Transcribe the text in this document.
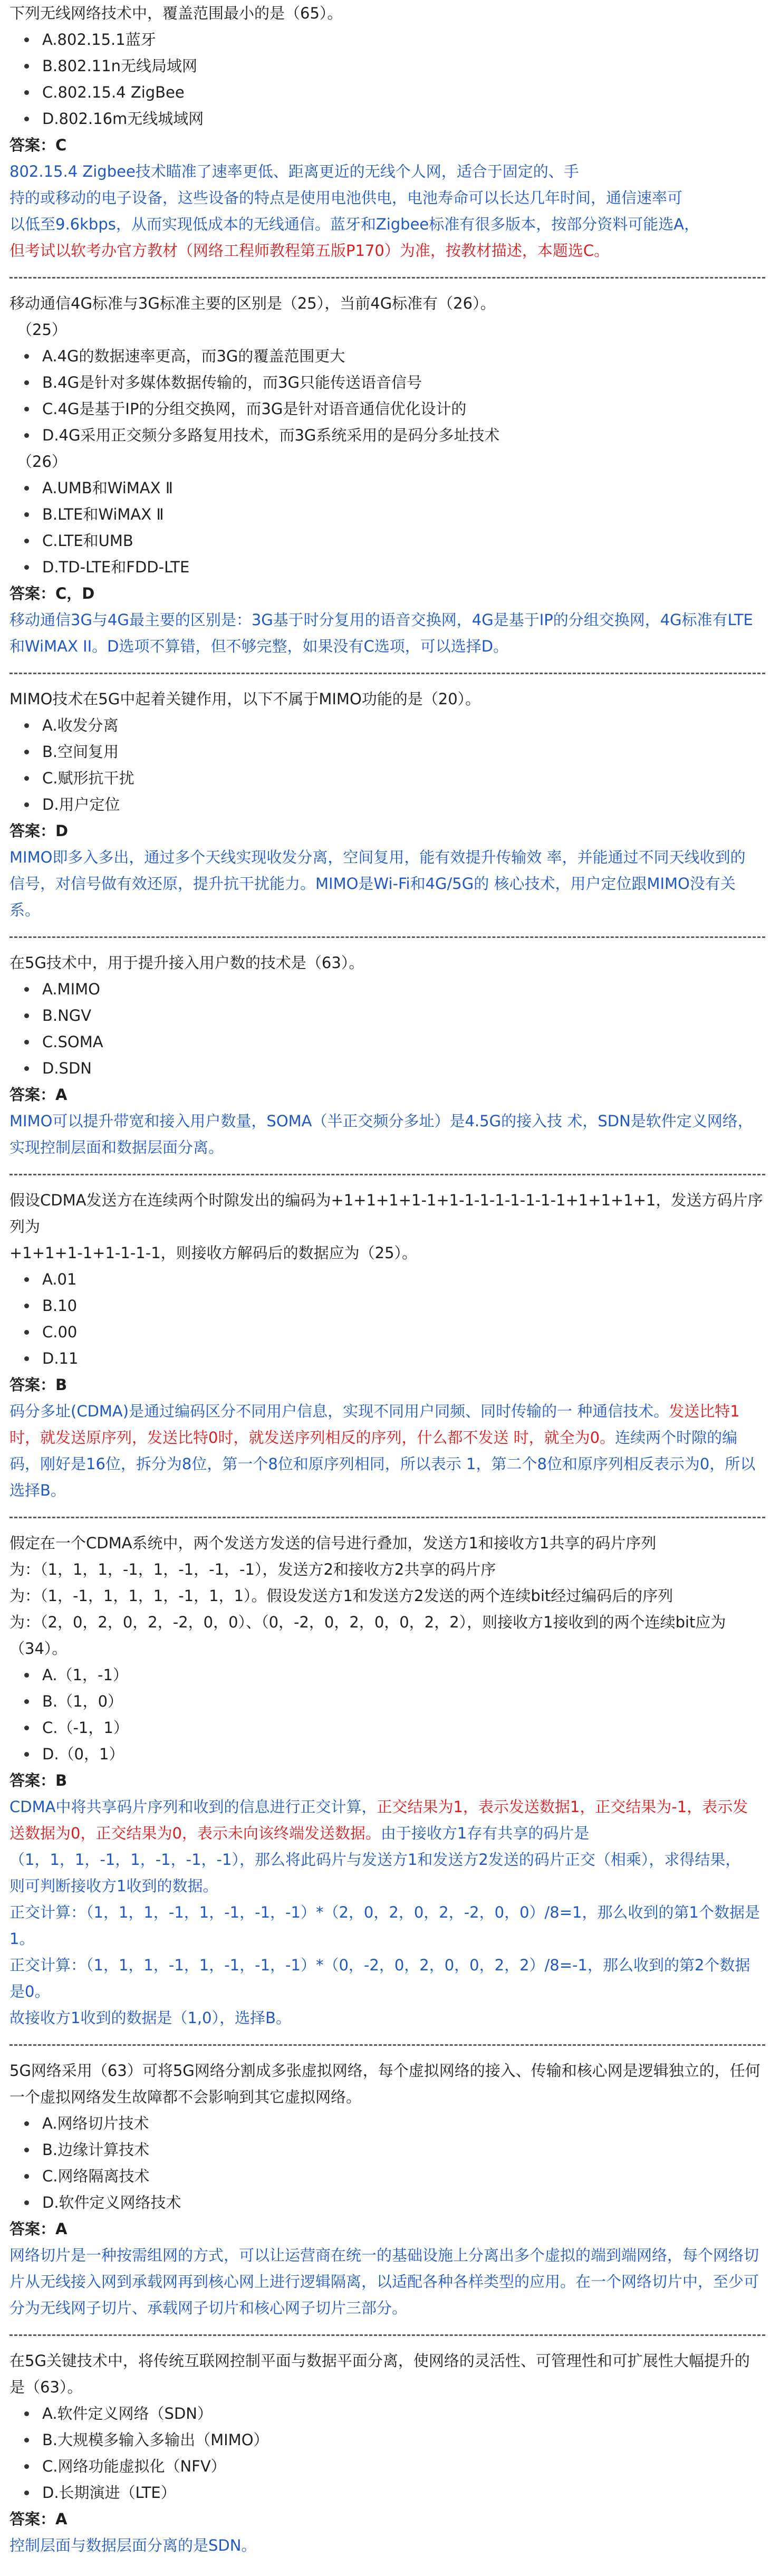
下列无线网络技术中，覆盖范围最小的是（65）。

A.802.15.1蓝牙
B.802.11n无线局域网
C.802.15.4 ZigBee
D.802.16m无线城域网

答案：C

802.15.4 Zigbee技术瞄准了速率更低、距离更近的无线个人网，适合于固定的、手
持的或移动的电子设备，这些设备的特点是使用电池供电，电池寿命可以长达几年时间，通信速率可
以低至9.6kbps，从而实现低成本的无线通信。蓝牙和Zigbee标准有很多版本，按部分资料可能选A，
但考试以软考办官方教材（网络工程师教程第五版P170）为准，按教材描述，本题选C。

移动通信4G标准与3G标准主要的区别是（25），当前4G标准有（26）。

（25）

A.4G的数据速率更高，而3G的覆盖范围更大
B.4G是针对多媒体数据传输的，而3G只能传送语音信号
C.4G是基于IP的分组交换网，而3G是针对语音通信优化设计的
D.4G采用正交频分多路复用技术，而3G系统采用的是码分多址技术

（26）

A.UMB和WiMAX Ⅱ
B.LTE和WiMAX Ⅱ
C.LTE和UMB
D.TD-LTE和FDD-LTE

答案：C，D

移动通信3G与4G最主要的区别是：3G基于时分复用的语音交换网，4G是基于IP的分组交换网，4G标准有LTE
和WiMAX II。D选项不算错，但不够完整，如果没有C选项，可以选择D。

MIMO技术在5G中起着关键作用，以下不属于MIMO功能的是（20）。

A.收发分离
B.空间复用
C.赋形抗干扰
D.用户定位

答案：D

MIMO即多入多出，通过多个天线实现收发分离，空间复用，能有效提升传输效 率，并能通过不同天线收到的
信号，对信号做有效还原，提升抗干扰能力。MIMO是Wi-Fi和4G/5G的 核心技术，用户定位跟MIMO没有关
系。

在5G技术中，用于提升接入用户数的技术是（63）。

A.MIMO
B.NGV
C.SOMA
D.SDN

答案：A

MIMO可以提升带宽和接入用户数量，SOMA（半正交频分多址）是4.5G的接入技 术，SDN是软件定义网络，
实现控制层面和数据层面分离。

假设CDMA发送方在连续两个时隙发出的编码为+1+1+1+1-1+1-1-1-1-1-1-1-1+1+1+1+1，发送方码片序列为
+1+1+1-1+1-1-1-1，则接收方解码后的数据应为（25）。

A.01
B.10
C.00
D.11

答案：B

码分多址(CDMA)是通过编码区分不同用户信息，实现不同用户同频、同时传输的一 种通信技术。发送比特1
时，就发送原序列，发送比特0时，就发送序列相反的序列，什么都不发送 时，就全为0。连续两个时隙的编
码，刚好是16位，拆分为8位，第一个8位和原序列相同，所以表示 1，第二个8位和原序列相反表示为0，所以
选择B。

假定在一个CDMA系统中，两个发送方发送的信号进行叠加，发送方1和接收方1共享的码片序列
为：（1，1，1，-1，1，-1，-1，-1），发送方2和接收方2共享的码片序
为：（1，-1，1，1，1，-1，1，1）。假设发送方1和发送方2发送的两个连续bit经过编码后的序列
为：（2，0，2，0，2，-2，0，0）、（0，-2，0，2，0，0，2，2），则接收方1接收到的两个连续bit应为
（34）。

A.（1，-1）
B.（1，0）
C.（-1，1）
D.（0，1）

答案：B

CDMA中将共享码片序列和收到的信息进行正交计算，正交结果为1，表示发送数据1，正交结果为-1，表示发
送数据为0，正交结果为0，表示未向该终端发送数据。由于接收方1存有共享的码片是
（1，1，1，-1，1，-1，-1，-1），那么将此码片与发送方1和发送方2发送的码片正交（相乘），求得结果，
则可判断接收方1收到的数据。
正交计算：（1，1，1，-1，1，-1，-1，-1）*（2，0，2，0，2，-2，0，0）/8=1，那么收到的第1个数据是
1。
正交计算：（1，1，1，-1，1，-1，-1，-1）*（0，-2，0，2，0，0，2，2）/8=-1，那么收到的第2个数据
是0。
故接收方1收到的数据是（1,0），选择B。

5G网络采用（63）可将5G网络分割成多张虚拟网络，每个虚拟网络的接入、传输和核心网是逻辑独立的，任何
一个虚拟网络发生故障都不会影响到其它虚拟网络。

A.网络切片技术
B.边缘计算技术
C.网络隔离技术
D.软件定义网络技术

答案：A

网络切片是一种按需组网的方式，可以让运营商在统一的基础设施上分离出多个虚拟的端到端网络，每个网络切
片从无线接入网到承载网再到核心网上进行逻辑隔离，以适配各种各样类型的应用。在一个网络切片中，至少可
分为无线网子切片、承载网子切片和核心网子切片三部分。

在5G关键技术中，将传统互联网控制平面与数据平面分离，使网络的灵活性、可管理性和可扩展性大幅提升的
是（63）。

A.软件定义网络（SDN）
B.大规模多输入多输出（MIMO）
C.网络功能虚拟化（NFV）
D.长期演进（LTE）

答案：A

控制层面与数据层面分离的是SDN。
